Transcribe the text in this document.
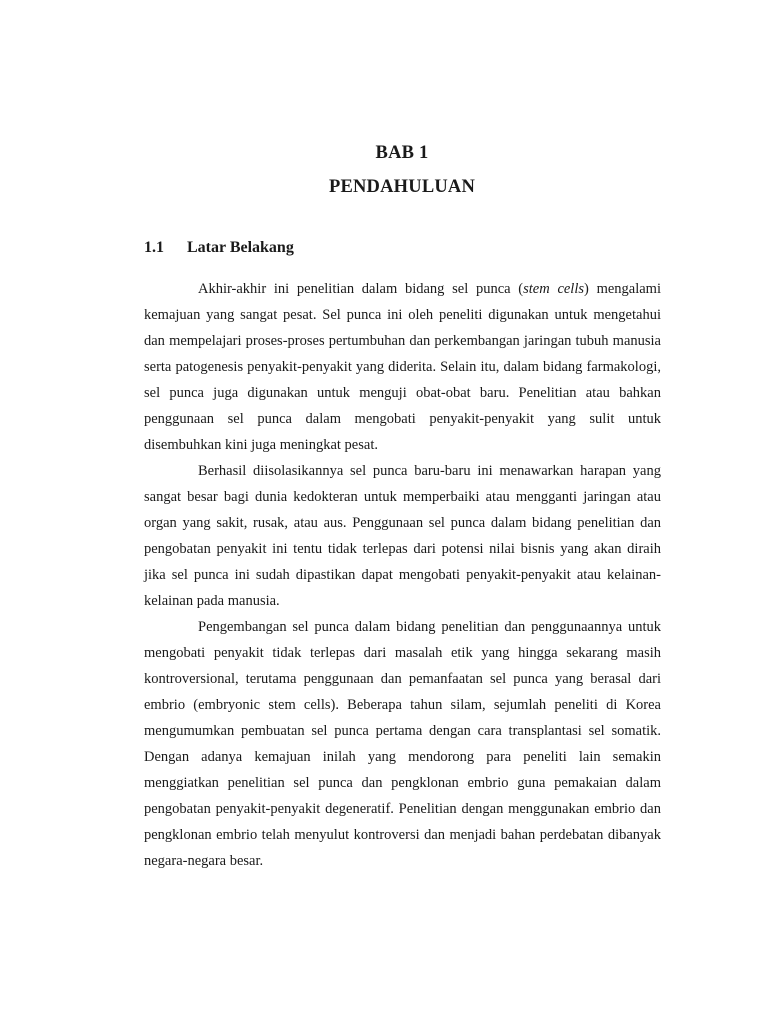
BAB 1
PENDAHULUAN
1.1 Latar Belakang

Akhir-akhir ini penelitian dalam bidang sel punca (stem cells) mengalami kemajuan yang sangat pesat. Sel punca ini oleh peneliti digunakan untuk mengetahui dan mempelajari proses-proses pertumbuhan dan perkembangan jaringan tubuh manusia serta patogenesis penyakit-penyakit yang diderita. Selain itu, dalam bidang farmakologi, sel punca juga digunakan untuk menguji obat-obat baru. Penelitian atau bahkan penggunaan sel punca dalam mengobati penyakit-penyakit yang sulit untuk disembuhkan kini juga meningkat pesat.

Berhasil diisolasikannya sel punca baru-baru ini menawarkan harapan yang sangat besar bagi dunia kedokteran untuk memperbaiki atau mengganti jaringan atau organ yang sakit, rusak, atau aus. Penggunaan sel punca dalam bidang penelitian dan pengobatan penyakit ini tentu tidak terlepas dari potensi nilai bisnis yang akan diraih jika sel punca ini sudah dipastikan dapat mengobati penyakit-penyakit atau kelainan-kelainan pada manusia.

Pengembangan sel punca dalam bidang penelitian dan penggunaannya untuk mengobati penyakit tidak terlepas dari masalah etik yang hingga sekarang masih kontroversional, terutama penggunaan dan pemanfaatan sel punca yang berasal dari embrio (embryonic stem cells). Beberapa tahun silam, sejumlah peneliti di Korea mengumumkan pembuatan sel punca pertama dengan cara transplantasi sel somatik. Dengan adanya kemajuan inilah yang mendorong para peneliti lain semakin menggiatkan penelitian sel punca dan pengklonan embrio guna pemakaian dalam pengobatan penyakit-penyakit degeneratif. Penelitian dengan menggunakan embrio dan pengklonan embrio telah menyulut kontroversi dan menjadi bahan perdebatan dibanyak negara-negara besar.
